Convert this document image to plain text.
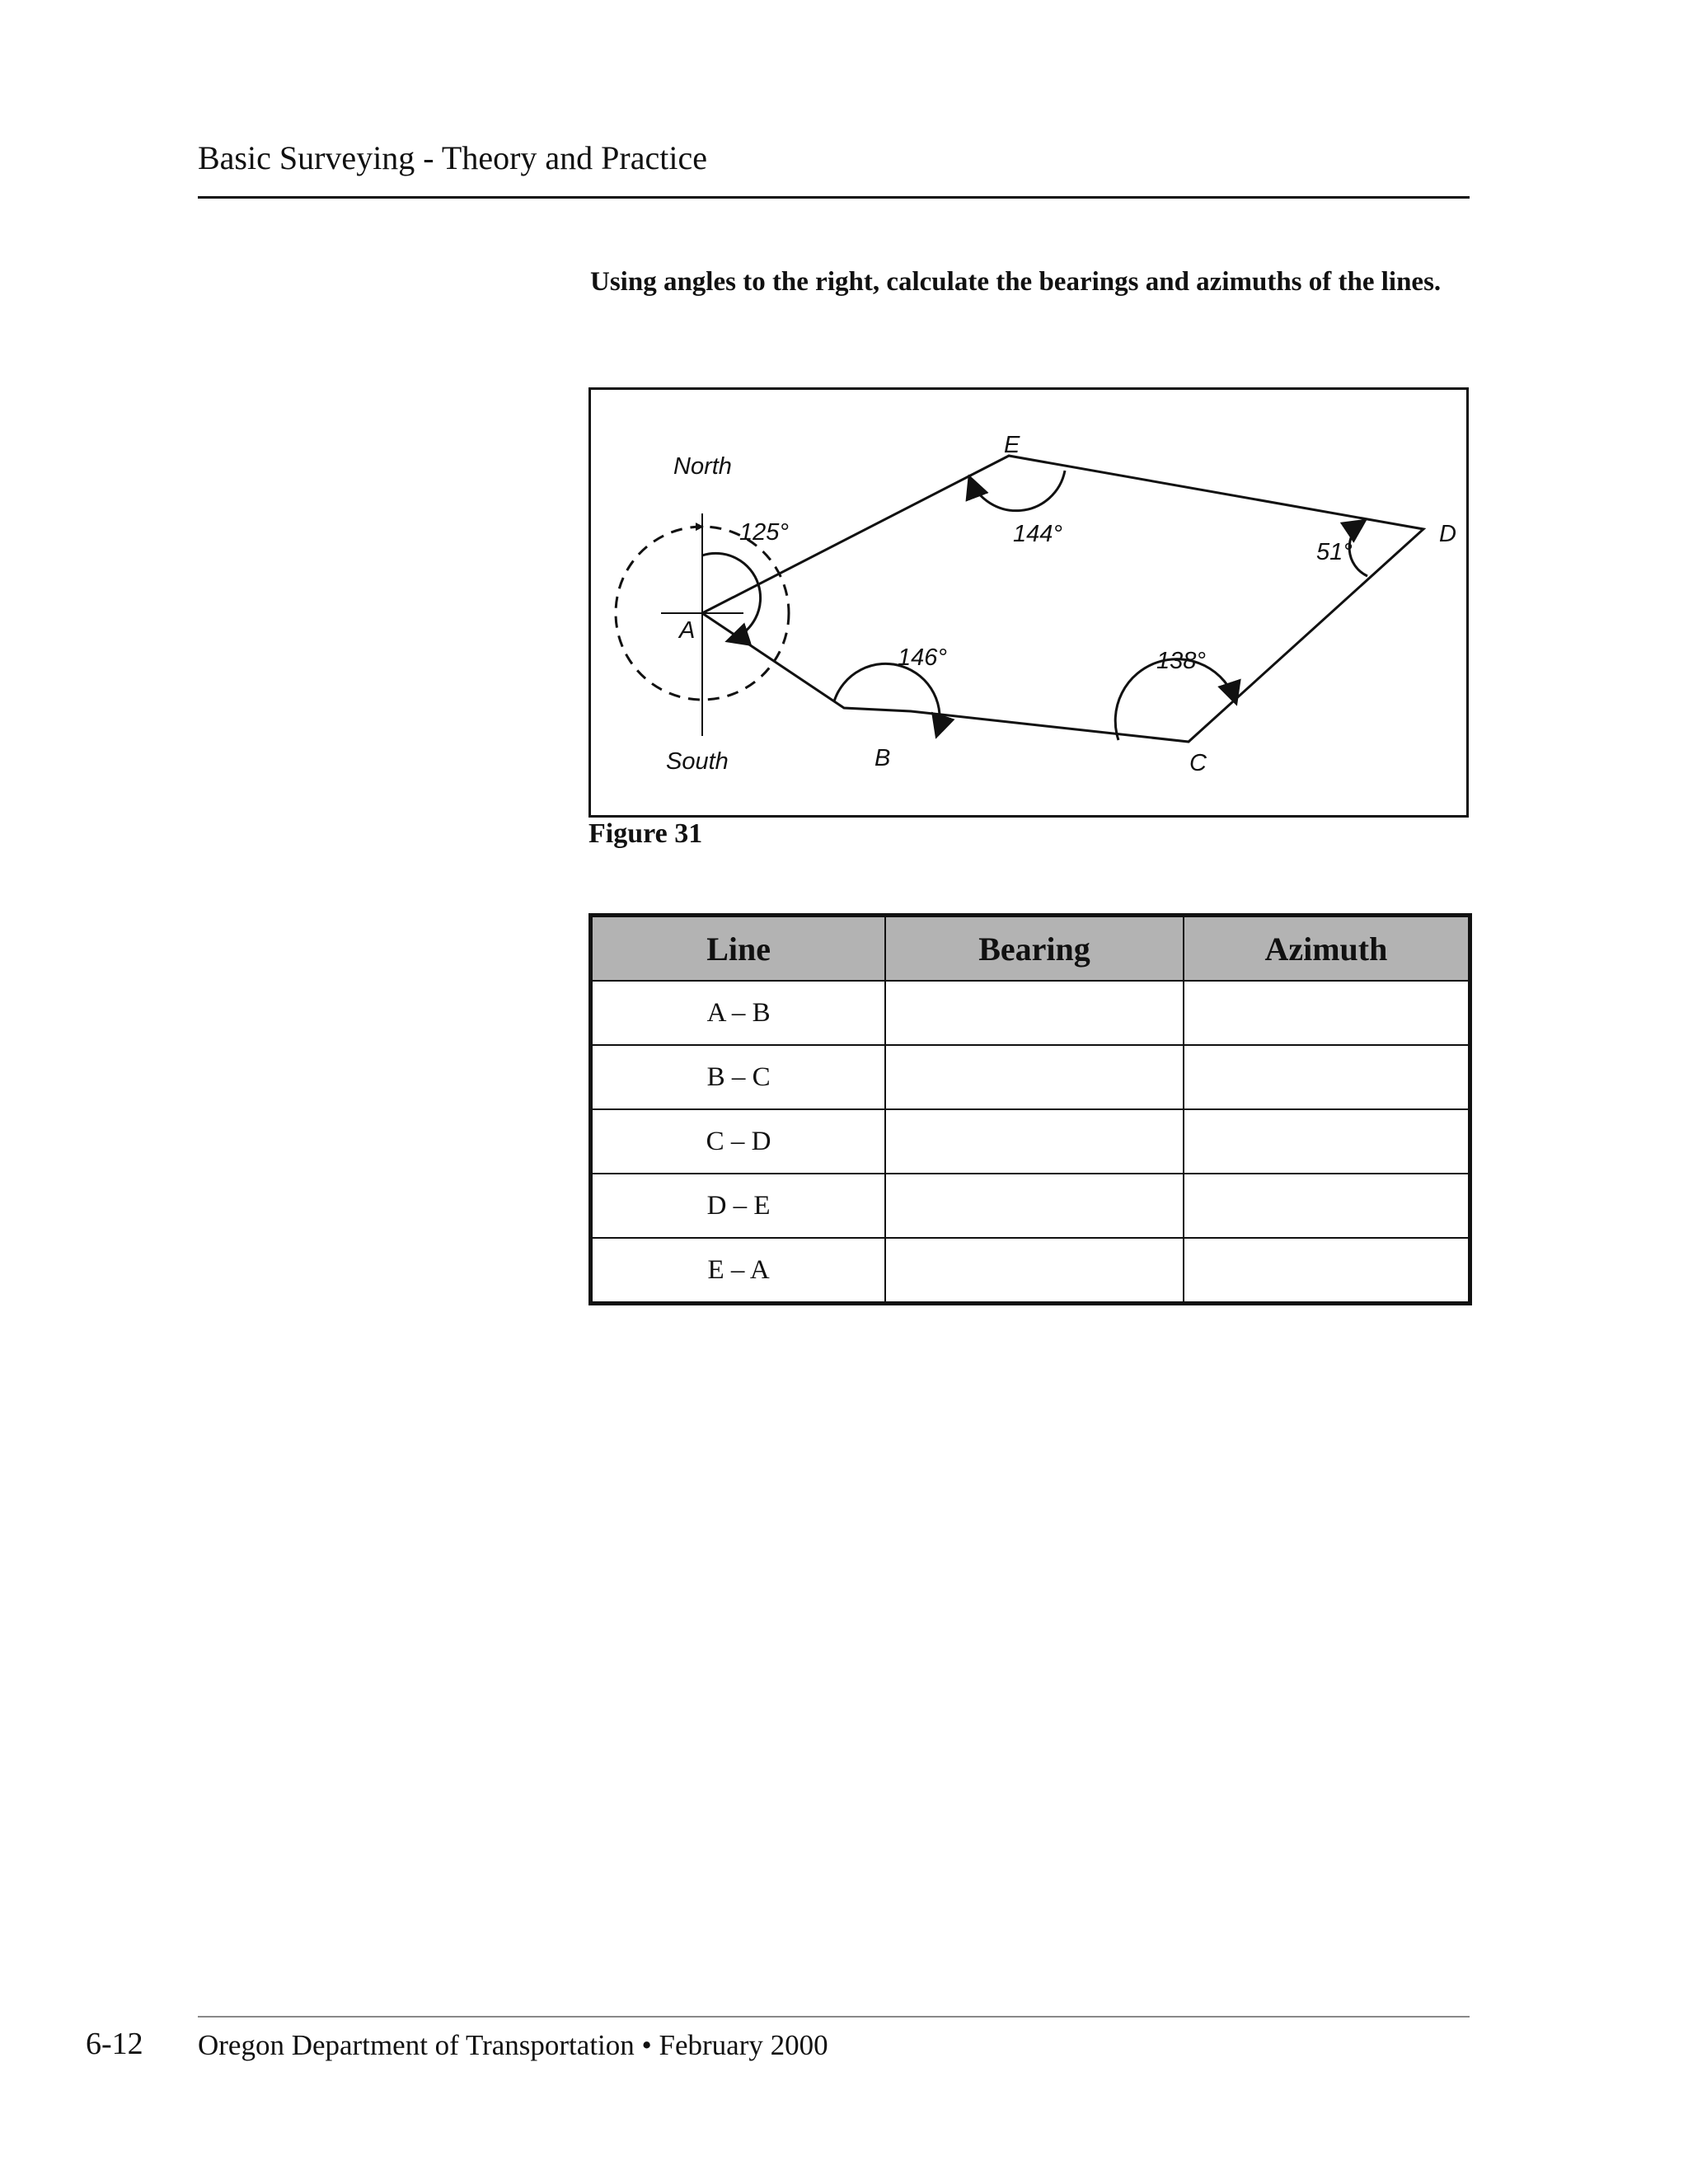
Basic Surveying - Theory and Practice
Using angles to the right, calculate the bearings and azimuths of the lines.
North
South
A
B	C
D
E
125°
146°	138°
51°
144°
Figure 31
Line	Bearing	Azimuth
A – B		
B – C		
C – D		
D – E		
E – A		
6-12 Oregon Department of Transportation • February 2000
